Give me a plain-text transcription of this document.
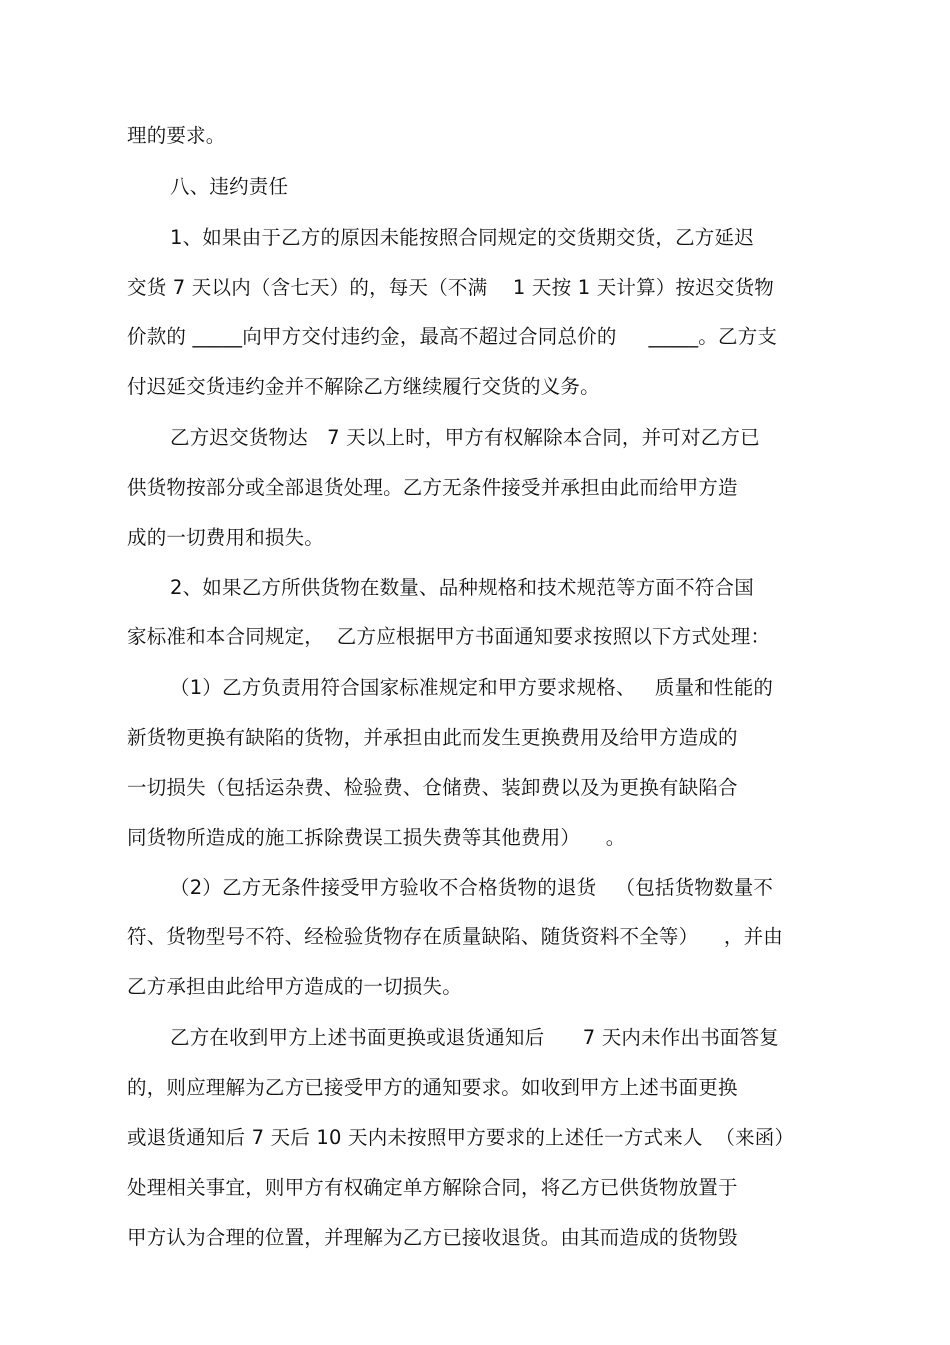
理的要求。
八、违约责任
1、如果由于乙方的原因未能按照合同规定的交货期交货，乙方延迟
交货 7 天以内（含七天）的，每天（不满    1 天按 1 天计算）按迟交货物
价款的 _____向甲方交付违约金，最高不超过合同总价的     _____。乙方支
付迟延交货违约金并不解除乙方继续履行交货的义务。
乙方迟交货物达   7 天以上时，甲方有权解除本合同，并可对乙方已
供货物按部分或全部退货处理。乙方无条件接受并承担由此而给甲方造
成的一切费用和损失。
2、如果乙方所供货物在数量、品种规格和技术规范等方面不符合国
家标准和本合同规定，  乙方应根据甲方书面通知要求按照以下方式处理：
（1）乙方负责用符合国家标准规定和甲方要求规格、   质量和性能的
新货物更换有缺陷的货物，并承担由此而发生更换费用及给甲方造成的
一切损失（包括运杂费、检验费、仓储费、装卸费以及为更换有缺陷合
同货物所造成的施工拆除费误工损失费等其他费用）    。
（2）乙方无条件接受甲方验收不合格货物的退货   （包括货物数量不
符、货物型号不符、经检验货物存在质量缺陷、随货资料不全等）    ，并由
乙方承担由此给甲方造成的一切损失。
乙方在收到甲方上述书面更换或退货通知后      7 天内未作出书面答复
的，则应理解为乙方已接受甲方的通知要求。如收到甲方上述书面更换
或退货通知后 7 天后 10 天内未按照甲方要求的上述任一方式来人  （来函）
处理相关事宜，则甲方有权确定单方解除合同，将乙方已供货物放置于
甲方认为合理的位置，并理解为乙方已接收退货。由其而造成的货物毁
